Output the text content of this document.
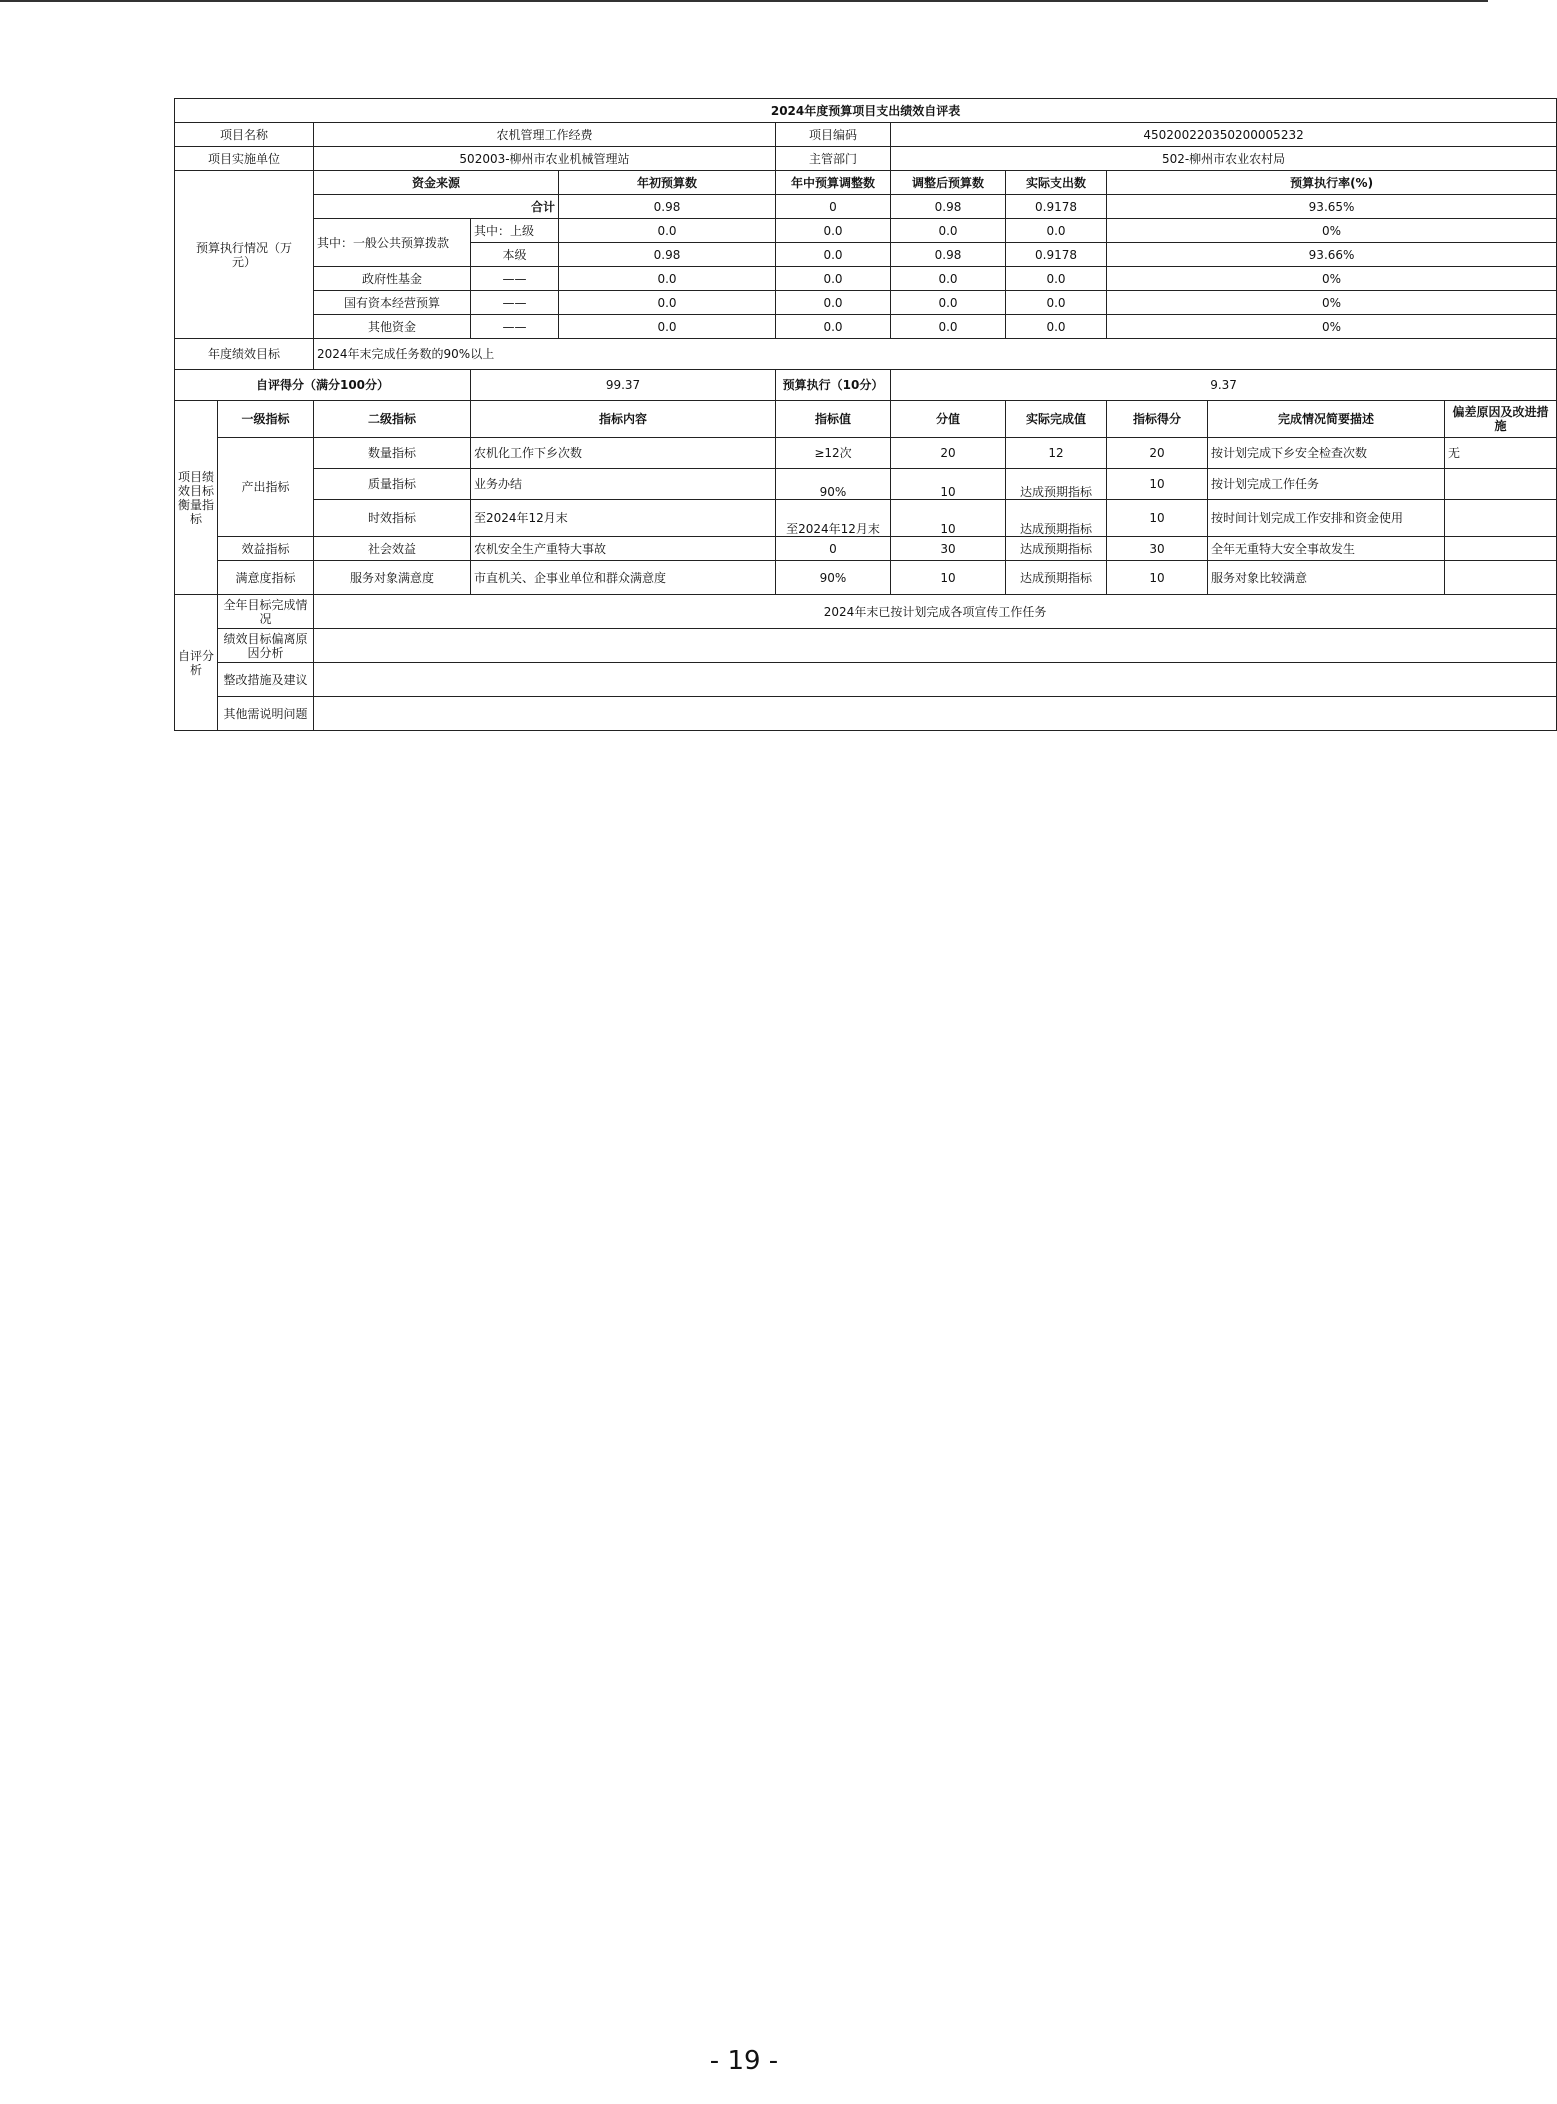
2024年度预算项目支出绩效自评表										
项目名称		农机管理工作经费			项目编码	450200220350200005232				
项目实施单位		502003-柳州市农业机械管理站			主管部门	502-柳州市农业农村局				
预算执行情况（万元）		资金来源		年初预算数	年中预算调整数	调整后预算数	实际支出数	预算执行率(%)		
		合计		0.98	0	0.98	0.9178	93.65%		
		其中：一般公共预算拨款	其中：上级	0.0	0.0	0.0	0.0	0%		
			本级	0.98	0.0	0.98	0.9178	93.66%		
		政府性基金	——	0.0	0.0	0.0	0.0	0%		
		国有资本经营预算	——	0.0	0.0	0.0	0.0	0%		
		其他资金	——	0.0	0.0	0.0	0.0	0%		
年度绩效目标		2024年末完成任务数的90%以上								
自评得分（满分100分）			99.37		预算执行（10分）	9.37				
项目绩效目标衡量指标	一级指标	二级指标	指标内容		指标值	分值	实际完成值	指标得分	完成情况简要描述	偏差原因及改进措施
	产出指标	数量指标	农机化工作下乡次数		≥12次	20	12	20	按计划完成下乡安全检查次数	无
		质量指标	业务办结		90%	10	达成预期指标	10	按计划完成工作任务	
		时效指标	至2024年12月末		至2024年12月末	10	达成预期指标	10	按时间计划完成工作安排和资金使用	
	效益指标	社会效益	农机安全生产重特大事故		0	30	达成预期指标	30	全年无重特大安全事故发生	
	满意度指标	服务对象满意度	市直机关、企事业单位和群众满意度		90%	10	达成预期指标	10	服务对象比较满意	
自评分析	全年目标完成情况	2024年末已按计划完成各项宣传工作任务								
	绩效目标偏离原因分析									
	整改措施及建议									
	其他需说明问题									
- 19 -
